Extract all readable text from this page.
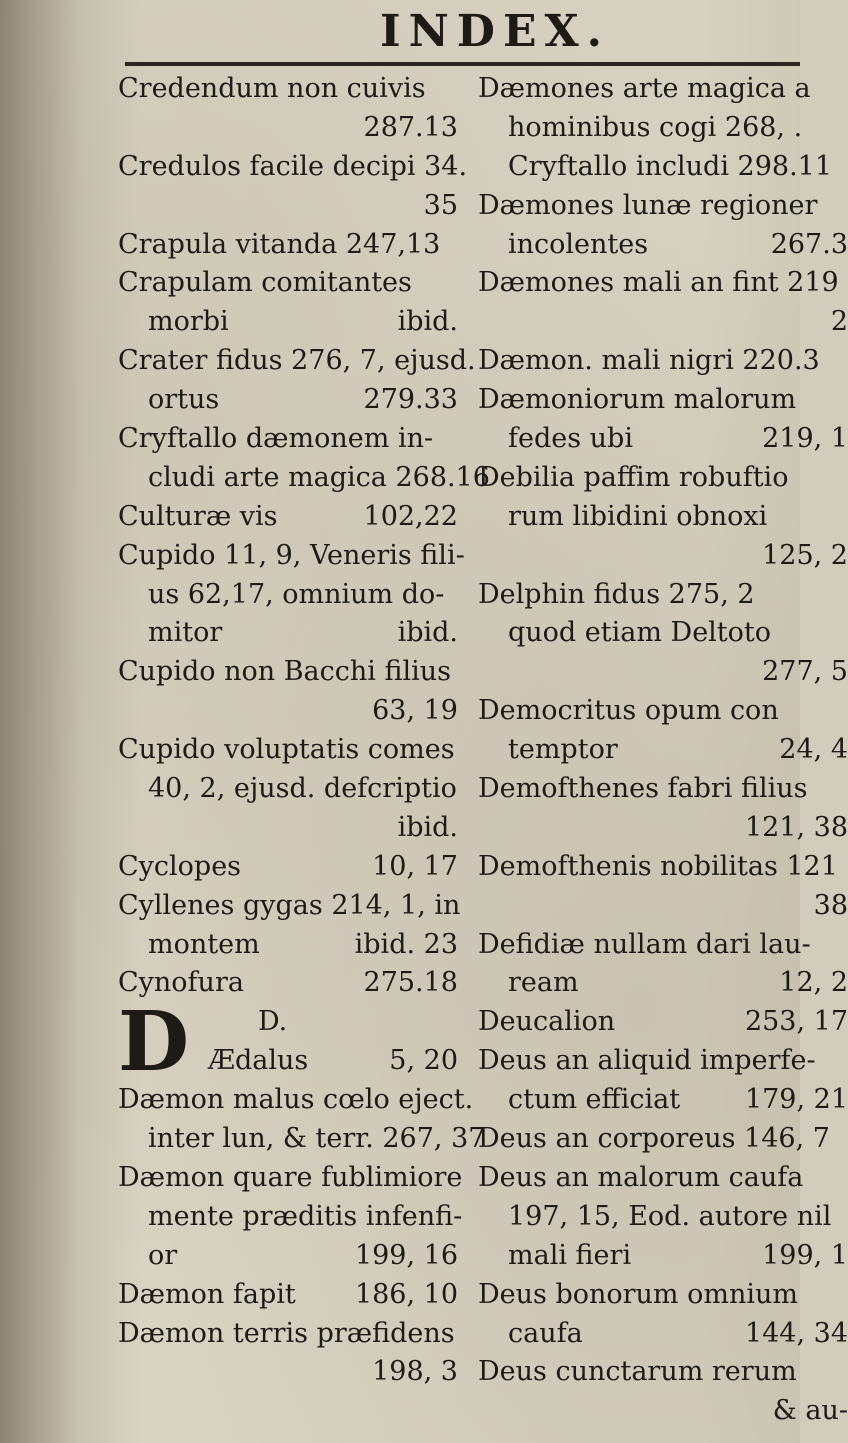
INDEX.
Credendum non cuivis
287.13
Credulos facile decipi 34.
35
Crapula vitanda 247,13
Crapulam comitantes
morbi	ibid.
Crater fidus 276, 7, ejusd.
ortus	279.33
Cryftallo dæmonem in-
cludi arte magica 268.16
Culturæ vis	102,22
Cupido 11, 9, Veneris fili-
us 62,17, omnium do-
mitor	ibid.
Cupido non Bacchi filius
63, 19
Cupido voluptatis comes
40, 2, ejusd. defcriptio
ibid.
Cyclopes	10, 17
Cyllenes gygas 214, 1, in
montem	ibid. 23
Cynofura	275.18
D	D.
Ædalus	5, 20
Dæmon malus cœlo eject.
inter lun, & terr. 267, 37
Dæmon quare fublimiore
mente præditis infenfi-
or	199, 16
Dæmon fapit 186, 10
Dæmon terris præfidens
198, 3
Dæmones arte magica a
hominibus cogi 268, .
Cryftallo includi 298.11
Dæmones lunæ regioner
incolentes	267.3
Dæmones mali an fint 219
2
Dæmon. mali nigri 220.3
Dæmoniorum malorum
fedes ubi	219, 1
Debilia paffim robuftio
rum libidini obnoxi
125, 2
Delphin fidus 275, 2
quod etiam Deltoto
277, 5
Democritus opum con
temptor	24, 4
Demofthenes fabri filius
121, 38
Demofthenis nobilitas 121
38
Defidiæ nullam dari lau-
ream	12, 2
Deucalion	253, 17
Deus an aliquid imperfe-
ctum efficiat 179, 21
Deus an corporeus 146, 7
Deus an malorum caufa
197, 15, Eod. autore nil
mali fieri	199, 1
Deus bonorum omnium
caufa	144, 34
Deus cunctarum rerum
& au-
